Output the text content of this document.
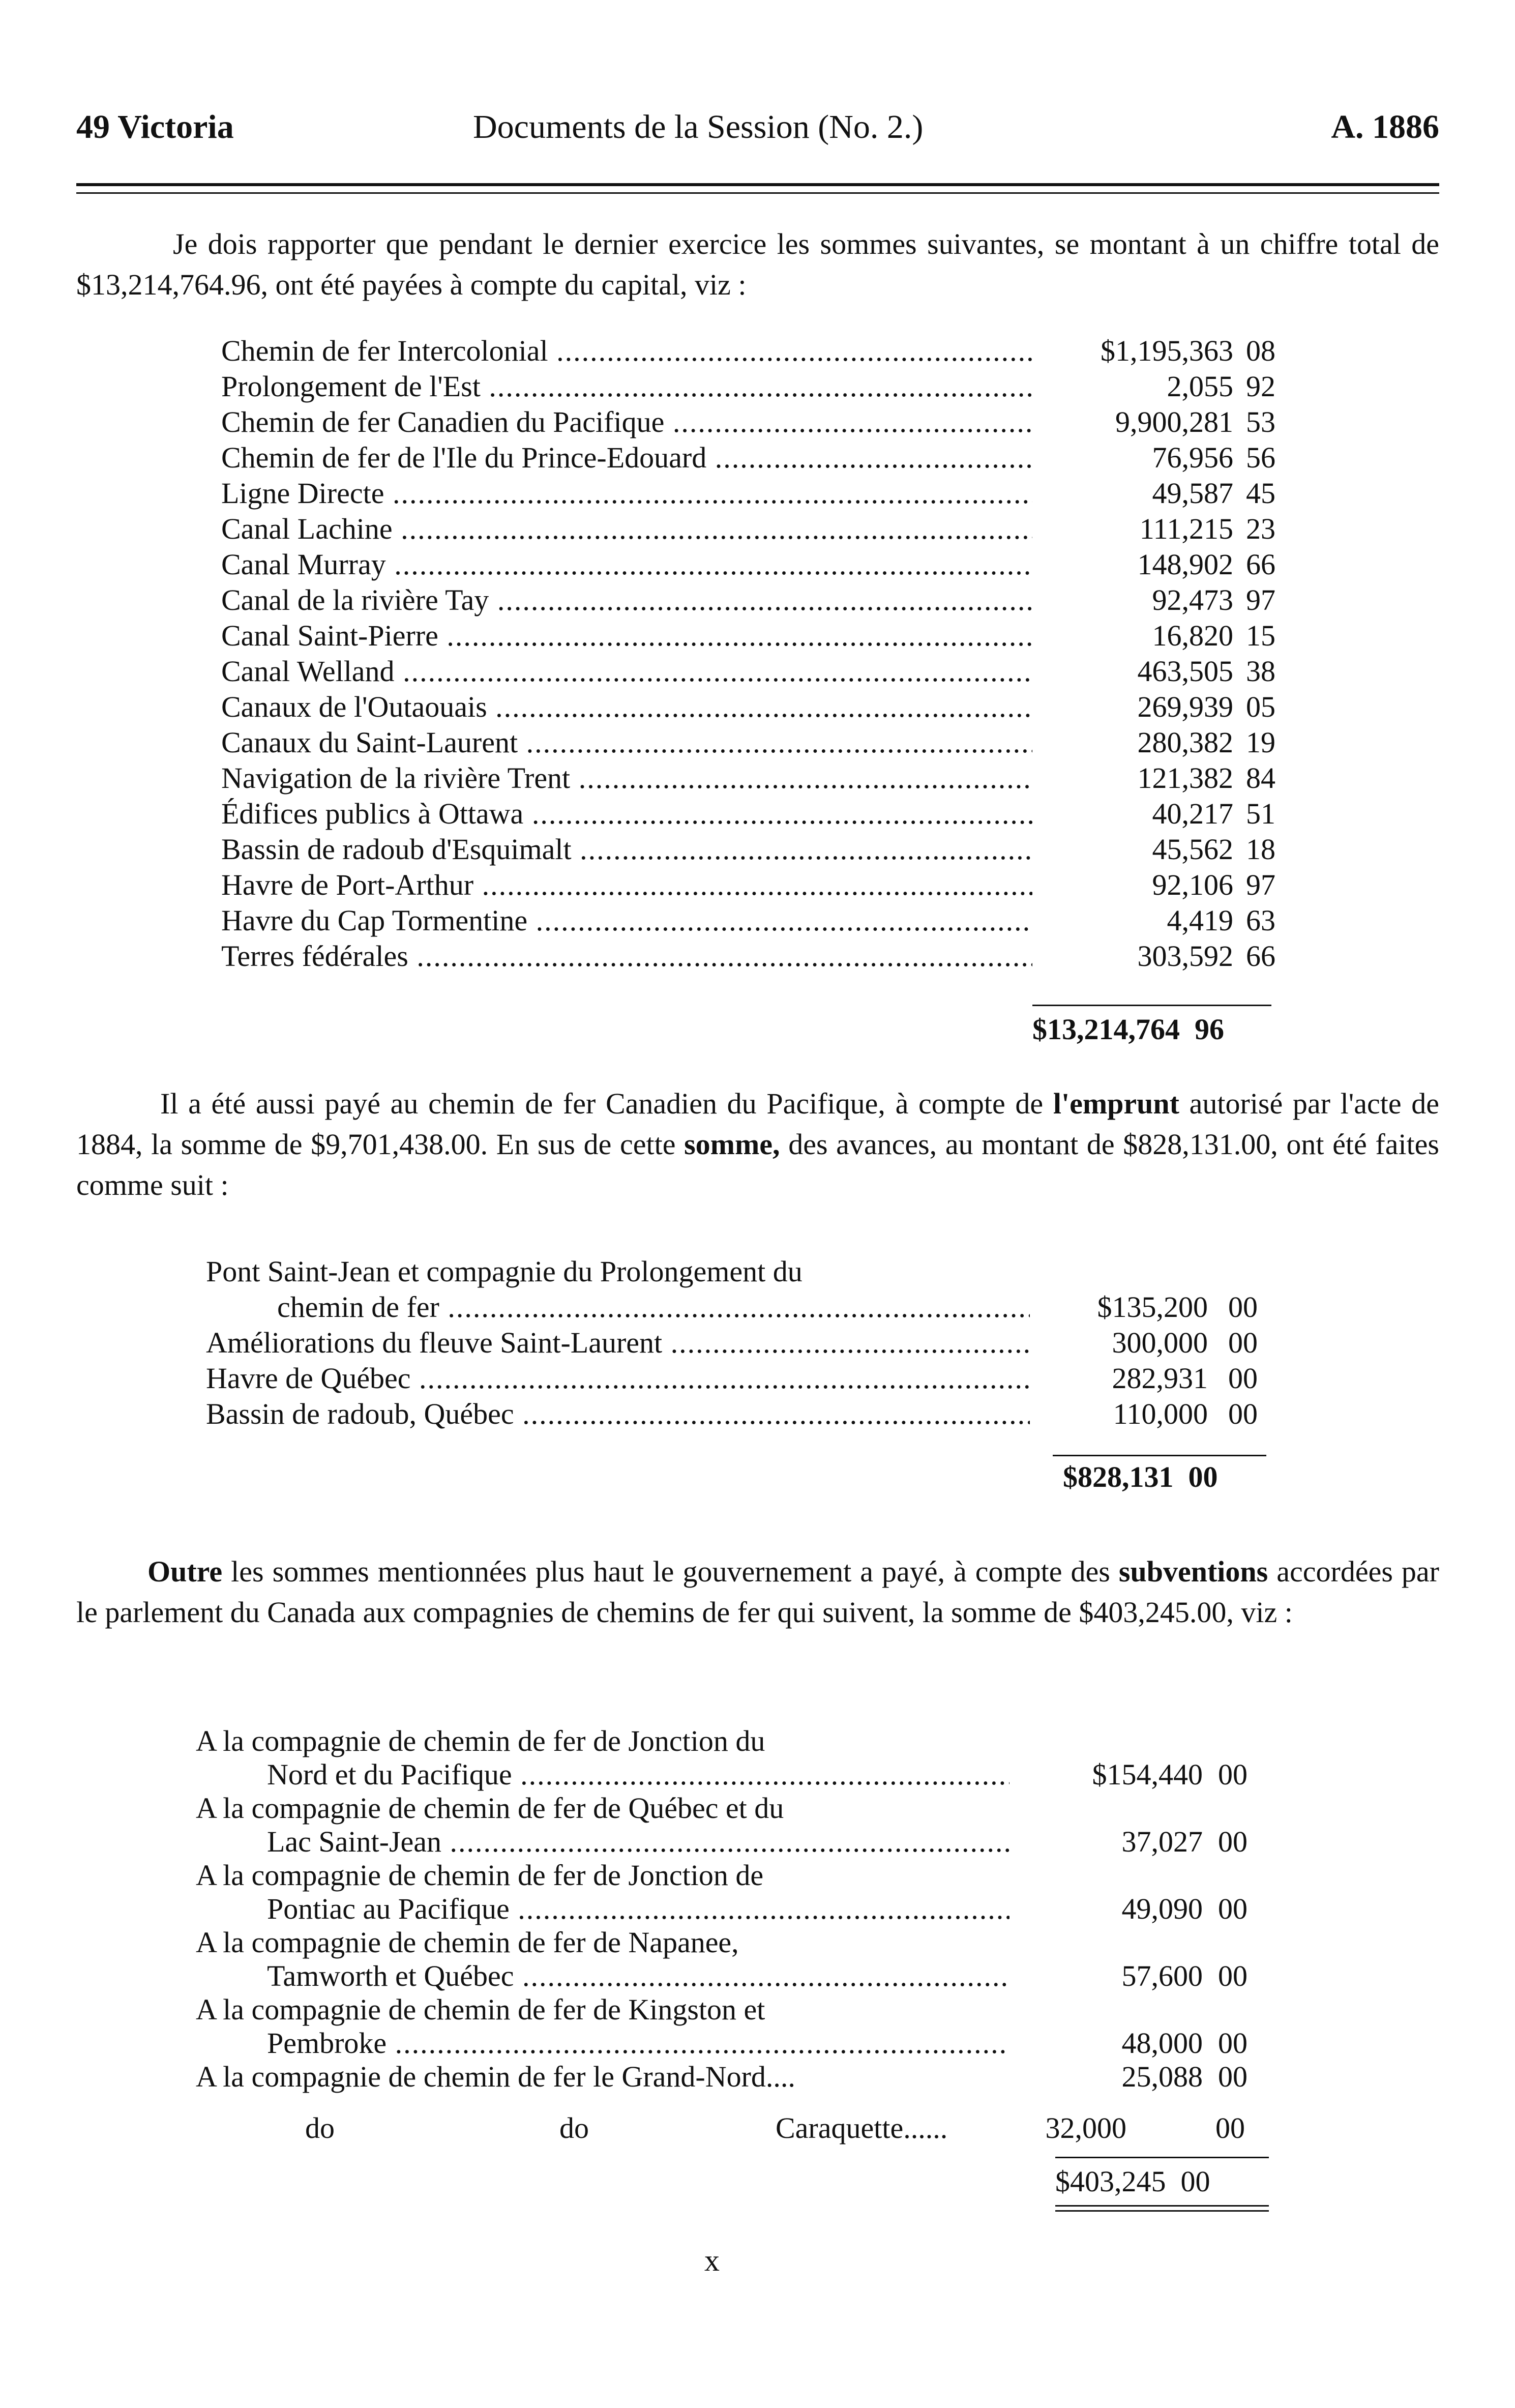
49 Victoria	Documents de la Session (No. 2.)	A. 1886
Je dois rapporter que pendant le dernier exercice les sommes suivantes, se montant à un chiffre total de $13,214,764.96, ont été payées à compte du capital, viz :
Chemin de fer Intercolonial .....	$1,195,363 08
Prolongement de l'Est .....	2,055 92
Chemin de fer Canadien du Pacifique .....	9,900,281 53
Chemin de fer de l'Ile du Prince-Edouard .....	76,956 56
Ligne Directe .....	49,587 45
Canal Lachine .....	111,215 23
Canal Murray .....	148,902 66
Canal de la rivière Tay .....	92,473 97
Canal Saint-Pierre .....	16,820 15
Canal Welland .....	463,505 38
Canaux de l'Outaouais .....	269,939 05
Canaux du Saint-Laurent .....	280,382 19
Navigation de la rivière Trent .....	121,382 84
Édifices publics à Ottawa .....	40,217 51
Bassin de radoub d'Esquimalt .....	45,562 18
Havre de Port-Arthur .....	92,106 97
Havre du Cap Tormentine .....	4,419 63
Terres fédérales .....	303,592 66
$13,214,764 96
Il a été aussi payé au chemin de fer Canadien du Pacifique, à compte de l'emprunt autorisé par l'acte de 1884, la somme de $9,701,438.00. En sus de cette somme, des avances, au montant de $828,131.00, ont été faites comme suit :
Pont Saint-Jean et compagnie du Prolongement du
chemin de fer .....	$135,200 00
Améliorations du fleuve Saint-Laurent .....	300,000 00
Havre de Québec .....	282,931 00
Bassin de radoub, Québec .....	110,000 00
$828,131 00
Outre les sommes mentionnées plus haut le gouvernement a payé, à compte des subventions accordées par le parlement du Canada aux compagnies de chemins de fer qui suivent, la somme de $403,245.00, viz :
A la compagnie de chemin de fer de Jonction du
Nord et du Pacifique .....	$154,440 00
A la compagnie de chemin de fer de Québec et du
Lac Saint-Jean .....	37,027 00
A la compagnie de chemin de fer de Jonction de
Pontiac au Pacifique .....	49,090 00
A la compagnie de chemin de fer de Napanee,
Tamworth et Québec .....	57,600 00
A la compagnie de chemin de fer de Kingston et
Pembroke .....	48,000 00
A la compagnie de chemin de fer le Grand-Nord....	25,088 00
do	do	Caraquette......	32,000	00
$403,245 00
x
